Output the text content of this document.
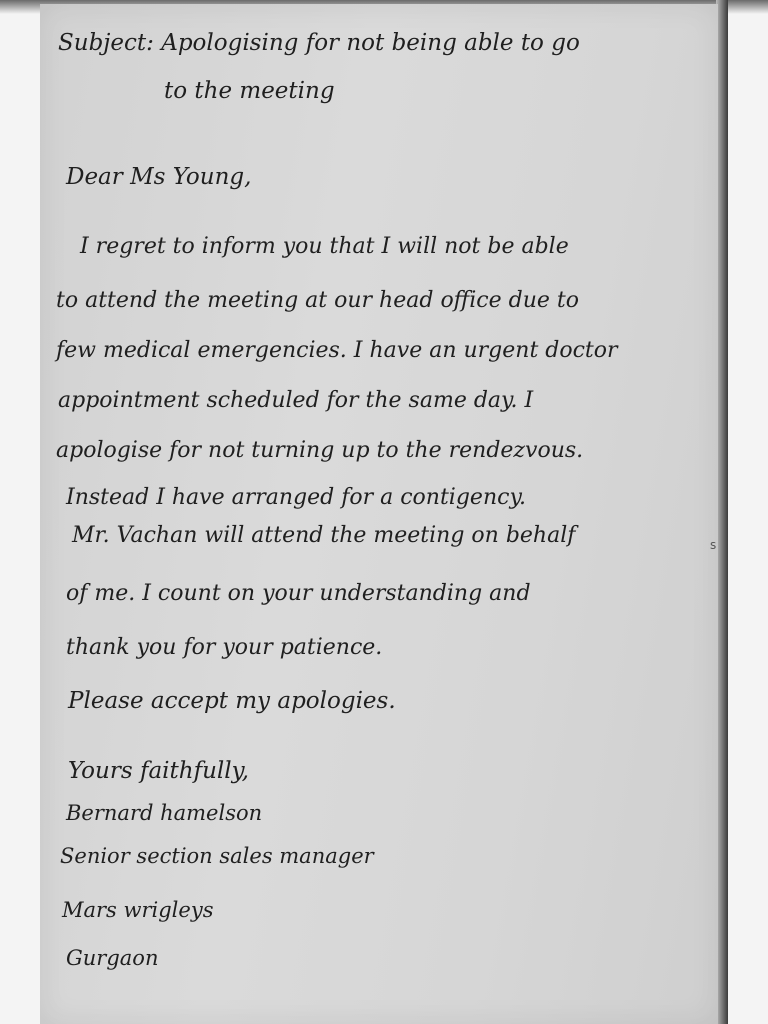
Subject: Apologising for not being able to go
to the meeting
Dear Ms Young,
I regret to inform you that I will not be able
to attend the meeting at our head office due to
few medical emergencies. I have an urgent doctor
appointment scheduled for the same day. I
apologise for not turning up to the rendezvous.
Instead I have arranged for a contigency.
Mr. Vachan will attend the meeting on behalf
of me. I count on your understanding and
thank you for your patience.
Please accept my apologies.
Yours faithfully,
Bernard hamelson
Senior section sales manager
Mars wrigleys
Gurgaon
s
